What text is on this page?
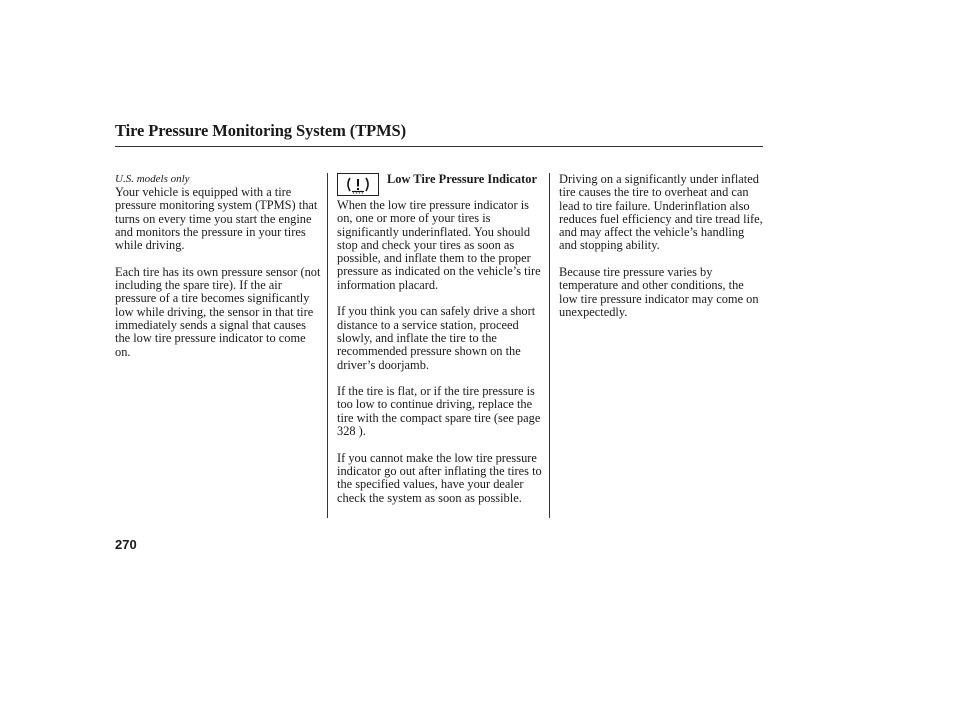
Tire Pressure Monitoring System (TPMS)
U.S. models only

Your vehicle is equipped with a tire pressure monitoring system (TPMS) that turns on every time you start the engine and monitors the pressure in your tires while driving.

Each tire has its own pressure sensor (not including the spare tire). If the air pressure of a tire becomes significantly low while driving, the sensor in that tire immediately sends a signal that causes the low tire pressure indicator to come on.

Low Tire Pressure Indicator

When the low tire pressure indicator is on, one or more of your tires is significantly underinflated. You should stop and check your tires as soon as possible, and inflate them to the proper pressure as indicated on the vehicle’s tire information placard.

If you think you can safely drive a short distance to a service station, proceed slowly, and inflate the tire to the recommended pressure shown on the driver’s doorjamb.

If the tire is flat, or if the tire pressure is too low to continue driving, replace the tire with the compact spare tire (see page 328 ).

If you cannot make the low tire pressure indicator go out after inflating the tires to the specified values, have your dealer check the system as soon as possible.

Driving on a significantly under inflated tire causes the tire to overheat and can lead to tire failure. Underinflation also reduces fuel efficiency and tire tread life, and may affect the vehicle’s handling and stopping ability.

Because tire pressure varies by temperature and other conditions, the low tire pressure indicator may come on unexpectedly.

270
